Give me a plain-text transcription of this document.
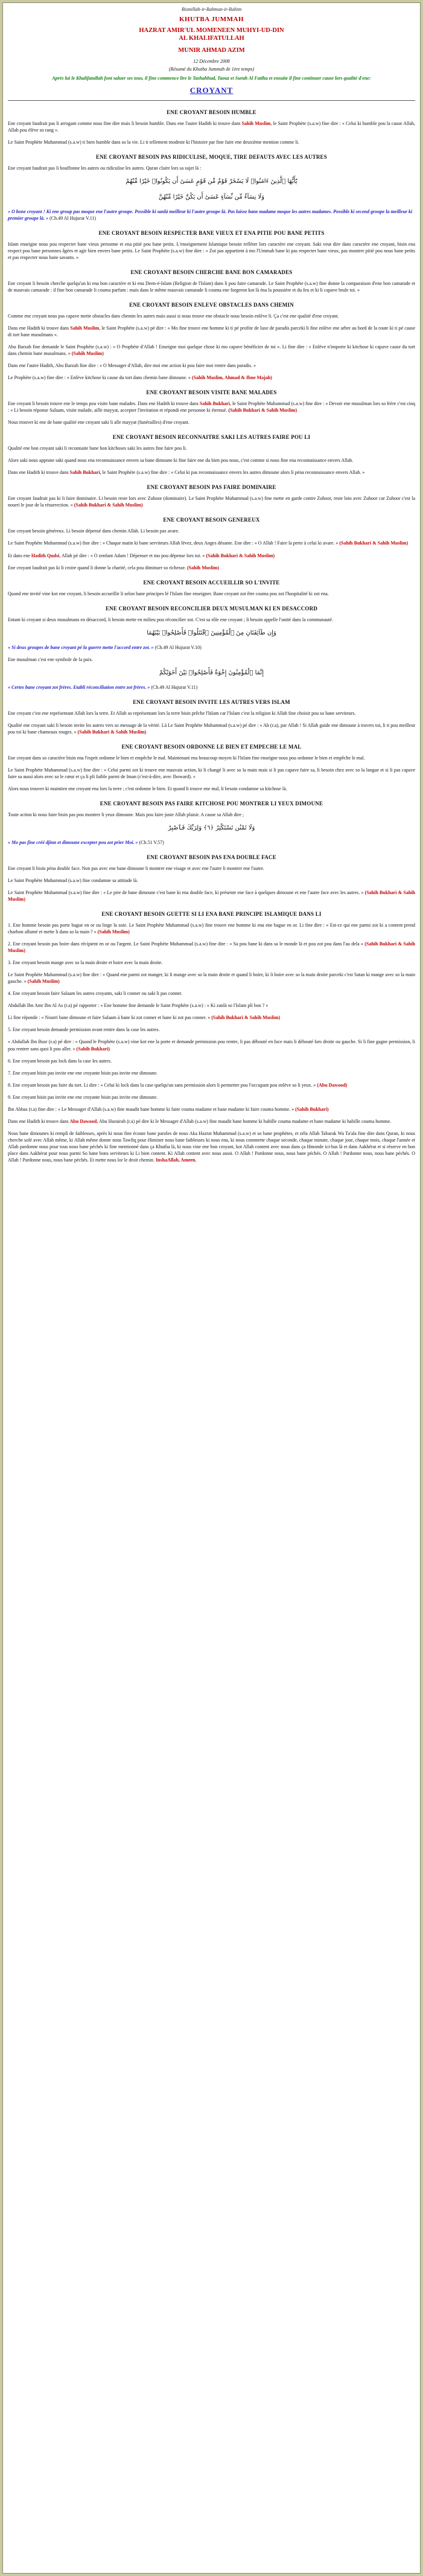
Bismillah-ir-Rahman-ir-Rahim
KHUTBA JUMMAH
HAZRAT AMIR'UL MOMENEEN MUHYI-UD-DIN
AL KHALIFATULLAH
MUNIR AHMAD AZIM
12 Décembre 2008
(Résumé du Khutba Jummah de 1ère temps)
Après lui le Khalifatullah font saluer ses tous, il fine commence lire le Tashahhud, Taouz et Surah Al Fatiha et ensuite il fine continuer cause lors qualité d'ene:
CROYANT
ENE CROYANT BESOIN HUMBLE

Ene croyant faudrait pas li arrogant comme nous fine dire mais li besoin humble. Dans ene l'autre Hadith ki trouve dans Sahih Muslim, le Saint Prophète (s.a.w) fine dire : « Celui ki humble pou la cause Allah, Allah pou élève so rang ».

Le Saint Prophète Muhammad (s.a.w) ti bien humble dans so la vie. Li ti tellement modeste ki l'histoire par fine faire ene deuxième mention comme li.

ENE CROYANT BESOIN PAS RIDICULISE, MOQUE, TIRE DEFAUTS AVEC LES AUTRES

Ene croyant faudrait pas li bouffonne les autres ou ridiculise les autres. Quran claire lors sa sujet là :

يَٰٓأَيُّهَا ٱلَّذِينَ ءَامَنُوا۟ لَا يَسْخَرْ قَوْمٌ مِّن قَوْمٍ عَسَىٰٓ أَن يَكُونُوا۟ خَيْرًا مِّنْهُمْ
وَلَا نِسَآءٌ مِّن نِّسَآءٍ عَسَىٰٓ أَن يَكُنَّ خَيْرًا مِّنْهُنَّ

« O bone croyant ! Ki ene group pas moque ene l'autre groupe. Possible ki sanlà meilleur ki l'autre groupe là. Pas laisse bane madame moque les autres madames. Possible ki second groupe la meilleur ki premier groupe là. » (Ch.49 Al Hujurat V.11)

ENE CROYANT BESOIN RESPECTER BANE VIEUX ET ENA PITIE POU BANE PETITS

Islam enseigne nous pou respecter bane vieux personne et ena pitié pou bane petits. L'enseignement Islamique besoin reflèter lors caractère ene croyant. Saki veut dire dans caractère ene croyant, bisin ena respect pou bane personnes âgées et agir bien envers bane petits. Le Saint Prophète (s.a.w) fine dire : « Zot pas appartient à mo l'Ummah bane ki pas respecter bane vieux, pas montrer pitié pou nous bane petits et pas respecter nous bane savants. »

ENE CROYANT BESOIN CHERCHE BANE BON CAMARADES

Ene croyant li besoin cherche quelqu'un ki ena bon caractère et ki ena Deen-é-Islam (Religion de l'Islam) dans li pou faire camarade. Le Saint Prophète (s.a.w) fine donne la comparaison d'ene bon camarade et de mauvais camarade : il fine bon camarade li couma parfum : mais dans le même mauvais camarade li couma ene forgeron kot là éna la poussière et du feu et ki li capave brule toi. »

ENE CROYANT BESOIN ENLEVE OBSTACLES DANS CHEMIN

Comme ene croyant nous pas capave mette obstacles dans chemin les autres mais aussi si nous trouve ene obstacle nous besoin enlève li. Ça c'est ene qualité d'ene croyant.

Dans ene Hadith ki trouve dans Sahih Muslim, le Saint Prophète (s.a.w) pé dire : « Mo fine trouve ene homme ki ti pé profite de luxe de paradis parceki li fine enlève ene arbre au bord de la route ki ti pé cause di tort bane musulmans ».

Abu Barzah fine demande le Saint Prophète (s.a.w) : « O Prophète d'Allah ! Enseigne moi quelque chose ki mo capave bénéficier de toi ». Li fine dire : « Enlève n'importe ki kitchose ki capave cause du tort dans chemin bane musulmans. » (Sahih Muslim)

Dans ene l'autre Hadith, Abu Barzah fine dire : « O Messager d'Allah, dire moi ene action ki pou faire moi rentre dans paradis. »

Le Prophète (s.a.w) fine dire : « Enlève kitchose ki cause du tort dans chemin bane dimoune. » (Sahih Muslim, Ahmad & Ibne Majah)

ENE CROYANT BESOIN VISITE BANE MALADES

Ene croyant li besoin trouve ene le temps pou visite bane malades. Dans ene Hadith ki trouve dans Sahih Bukhari, le Saint Prophète Muhammad (s.a.w) fine dire : « Devoir ene musulman lors so frère c'est cinq : « Li besoin réponse Salaam, visite malade, aille mayyat, accepter l'invitation et répondi ene personne ki éternué. (Sahih Bukhari & Sahih Muslim)

Nous trouver ki ene de bane qualité ene croyant saki li alle mayyat (funérailles) d'ene croyant.

ENE CROYANT BESOIN RECONNAITRE SAKI LES AUTRES FAIRE POU LI

Qualité ene bon croyant saki li reconnaite bane bon kitchoses saki les autres fine faire pou li.

Alors saki nous apprane saki quand nous ena reconnaissance envers sa bane dimoune ki fine faire ene du bien pou nous, c'est comme si nous fine ena reconnaissance envers Allah.

Dans ene Hadith ki trouve dans Sahih Bukhari, le Saint Prophète (s.a.w) fine dire : « Celui ki pas reconnaissance envers les autres dimoune alors li péna reconnaissance envers Allah. »

ENE CROYANT BESOIN PAS FAIRE DOMINAIRE

Ene croyant faudrait pas ki li faire dominaire. Li besoin reste lors avec Zuhoor (dominaire). Le Saint Prophète Muhammad (s.a.w) fine mette en garde contre Zuhoor, reste loin avec Zuhoor car Zuhoor c'est la nourri le jour de la résurrection. » (Sahih Bukhari & Sahih Muslim)

ENE CROYANT BESOIN GENEREUX

Ene croyant besoin généreux. Li besoin dépensé dans chemin Allah. Li besoin pas avare.

Le Saint Prophète Muhammad (s.a.w) fine dire : « Chaque matin ki bane serviteurs Allah lévez, deux Anges désante. Ene dire : « O Allah ! Faire la perte à celui ki avare. » (Sahih Bukhari & Sahih Muslim)

Et dans ene Hadith Qudsi, Allah pé dire : « O zenfant Adam ! Dépenser et mo pou dépense lors toi. » (Sahih Bukhari & Sahih Muslim)

Ene croyant faudrait pas ki li croire quand li donne la charité, cela pou diminuer so richesse. (Sahih Muslim)

ENE CROYANT BESOIN ACCUEILLIR SO L'INVITE

Quand ene invité vine kot ene croyant, li besoin accueillir li selon bane principes lé l'Islam fine enseigner. Bane croyant zot être couma pou zot l'hospitalité ki zot ena.

ENE CROYANT BESOIN RECONCILIER DEUX MUSULMAN KI EN DESACCORD

Entant ki croyant si deux musulmans en désaccord, li besoin mette en milieu pou réconcilier zot. C'est sa rôle ene croyant ; li besoin appelle l'unité dans la communauté.

وَإِن طَآئِفَتَانِ مِنَ ٱلْمُؤْمِنِينَ ٱقْتَتَلُوا۟ فَأَصْلِحُوا۟ بَيْنَهُمَا

« Si deux groupes de bane croyant pé la guerre mette l'accord entre zot. » (Ch.49 Al Hujurat V.10)

Ene musulman c'est ene symbole de la paix.

إِنَّمَا ٱلْمُؤْمِنُونَ إِخْوَةٌ فَأَصْلِحُوا۟ بَيْنَ أَخَوَيْكُمْ

« Certes bane croyant zot frères. Etabli réconciliation entre zot frères. » (Ch.49 Al Hujurat V.11)

ENE CROYANT BESOIN INVITE LES AUTRES VERS ISLAM

Ene croyant c'est ene représentant Allah lors la terre. Et Allah so représentant lors la terre bisin prêche l'Islam car l'Islam c'est la religion ki Allah fine choisir pou so bane serviteurs.

Qualité ene croyant saki li besoin invite les autres vers so message de la vérité. Là Le Saint Prophète Muhammad (s.a.w) pé dire : « Ah (r.a), par Allah ! Si Allah guide ene dimoune à travers toi, li ti pou meilleur pou toi ki bane chameaux rouges. » (Sahih Bukhari & Sahih Muslim)

ENE CROYANT BESOIN ORDONNE LE BIEN ET EMPECHE LE MAL

Ene croyant dans so caractère bisin ena l'esprit ordonne le bien et empêche le mal. Maintenant ena beaucoup moyen ki l'Islam fine enseigne nous pou ordonne le bien et empêche le mal.

Le Saint Prophète Muhammad (s.a.w) fine dire : « Celui parmi zot ki trouve ene mauvais action, ki li changé li avec so la main mais si li pas capave faire sa, li besoin chez avec so la langue et si li pas capave faire sa aussi alors avec so le cœur et ça li pli faible parmi de Iman (c'est-à-dire, avec Iboward). »

Alors nous trouver ki maintien ene croyant ena lors la terre ; c'est ordonne le bien. Et quand li trouve ene mal, li besoin condamne sa kitchose là.

ENE CROYANT BESOIN PAS FAIRE KITCHOSE POU MONTRER LI YEUX DIMOUNE

Toute action ki nous faire bisin pas pou montrer li yeux dimoune. Mais pou faire juste Allah plaisir. A cause sa Allah dire ;

وَلَا تَمْنُن تَسْتَكْثِرُ ﴿٦﴾ وَلِرَبِّكَ فَٱصْبِرْ

« Mo pas fine créé djinn et dimoune excepter pou zot prier Moi. » (Ch.51 V.57)

ENE CROYANT BESOIN PAS ENA DOUBLE FACE

Ene croyant li bisin péna double face. Non pas avec ene bane dimoune li montrer ene visage et avec ene l'autre li montrer ene l'autre.

Le Saint Prophète Muhammad (s.a.w) fine condamne sa attitude là.

Le Saint Prophète Muhammad (s.a.w) fine dire : « Le pire de bane dimoune c'est bane ki ena double face, ki présente ene face à quelques dimoune et ene l'autre face avec les autres. » (Sahih Bukhari & Sahih Muslim)

ENE CROYANT BESOIN GUETTE SI LI ENA BANE PRINCIPE ISLAMIQUE DANS LI

1. Ene homme besoin pas porte bague en or ou linge la soie. Le Saint Prophète Muhammad (s.a.w) fine trouve ene homme ki ena ene bague en or. Li fine dire : « Est-ce qui ene parmi zot ki a content prend charbon allumé et mette li dans so la main ? » (Sahih Muslim)

2. Ene croyant besoin pas boire dans récipient en or ou l'argent. Le Saint Prophète Muhammad (s.a.w) fine dire : « Sa pou bane ki dans sa le monde là et pou zot pou dans l'au dela » (Sahih Bukhari & Sahih Muslim)

3. Ene croyant besoin mange avec so la main droite et boire avec la main droite.

Le Saint Prophète Muhammad (s.a.w) fine dire : « Quand ene parmi zot manger, ki li mange avec so la main droite et quand li boire, ki li boire avec so la main droite parceki c'est Satan ki mange avec so la main gauche. » (Sahih Muslim)

4. Ene croyant besoin faire Salaam les autres croyants, saki li conner ou saki li pas conner.

Abdullah Ibn Amr Ibn Al As (r.a) pé rapporter : « Ene homme fine demande le Saint Prophète (s.a.w) : « Ki zanlà so l'Islam pli bon ? »

Li fine réponde : « Nourri bane dimoune et faire Salaam à bane ki zot conner et bane ki zot pas conner. » (Sahih Bukhari & Sahih Muslim)

5. Ene croyant besoin demande permission avant rentre dans la case les autres.

« Abdullah Ibn Busr (r.a) pé dire : « Quand le Prophète (s.a.w) vine kot ene la porte et demande permission pou rentre, li pas débouté en face mais li débouté lors droite ou gauche. Si li fine gagne permission, li pou rentrer sans quoi li pou aller. » (Sahih Bukhari)

6. Ene croyant besoin pas lock dans la case les autres.

7. Ene croyant bisin pas invite ene ene croyante bisin pas invite ene dimoune.

8. Ene croyant besoin pas faire du tort. Li dire : « Celui ki lock dans la case quelqu'un sans permission alors li permettre pou l'occupant pou enlève so li yeux. » (Abu Dawood)

9. Ene croyant bisin pas invite ene ene croyante bisin pas invite ene dimoune.

Ibn Abbas (r.a) fine dire : « Le Messager d'Allah (s.a.w) fine maudit bane homme ki faire couma madame et bane madame ki faire couma homme. » (Sahih Bukhari)

Dans ene Hadith ki trouve dans Abu Dawood, Abu Hurairah (r.a) pé dire ki le Messager d'Allah (s.a.w) fine maudit bane homme ki habille couma madame et bane madame ki habille couma homme.

Nous bane dimounes ki rempli de faiblesses, après ki nous fine écoute bane paroles de nous Aka Hazrat Muhammad (s.a.w) et so bane prophètes, et zéla Allah Tabarak Wa Ta'ala fine dire dans Quran, ki nous cherche solé avec Allah même, ki Allah même donne nous Tawfiq pour éliminer nous bane faiblesses ki nous ena, ki nous commette chaque seconde, chaque minute, chaque jour, chaque mois, chaque l'année et Allah pardonne nous pour tous nous bane péchés ki fine mentionné dans ça Khutba là, ki nous vine ene bon croyant, kot Allah content avec nous dans ça Hmonde ici-bas là et dans Aakhérat et si réserve en bon place dans Aakhérat pour nous parmi So bane bons serviteurs ki Li bien content. Ki Allah content avec nous aussi. O Allah ! Pardonne nous, nous bane péchés. O Allah ! Pardonne nous, nous bane péchés. O Allah ! Pardonne nous, nous bane péchés. Et mette nous lor le droit chemin. InshaAllah, Ameen.
